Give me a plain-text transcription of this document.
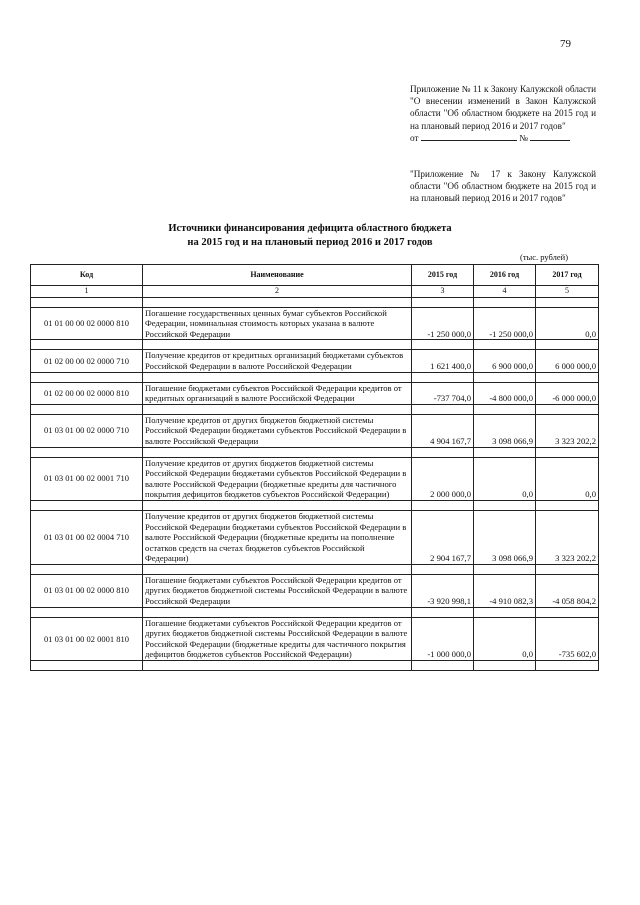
79
Приложение № 11 к Закону Калужской области "О внесении изменений в Закон Калужской области "Об областном бюджете на 2015 год и на плановый период 2016 и 2017 годов"
от	№
"Приложение № 17 к Закону Калужской области "Об областном бюджете на 2015 год и на плановый период 2016 и 2017 годов"
Источники финансирования дефицита областного бюджета
на 2015 год и на плановый период 2016 и 2017 годов
(тыс. рублей)
Код	Наименование	2015 год	2016 год	2017 год
1	2	3	4	5

01 01 00 00 02 0000 810	Погашение государственных ценных бумаг субъектов Российской Федерации, номинальная стоимость которых указана в валюте Российской Федерации	-1 250 000,0	-1 250 000,0	0,0

01 02 00 00 02 0000 710	Получение кредитов от кредитных организаций бюджетами субъектов Российской Федерации в валюте Российской Федерации	1 621 400,0	6 900 000,0	6 000 000,0

01 02 00 00 02 0000 810	Погашение бюджетами субъектов Российской Федерации кредитов от кредитных организаций в валюте Российской Федерации	-737 704,0	-4 800 000,0	-6 000 000,0

01 03 01 00 02 0000 710	Получение кредитов от других бюджетов бюджетной системы Российской Федерации бюджетами субъектов Российской Федерации в валюте Российской Федерации	4 904 167,7	3 098 066,9	3 323 202,2

01 03 01 00 02 0001 710	Получение кредитов от других бюджетов бюджетной системы Российской Федерации бюджетами субъектов Российской Федерации в валюте Российской Федерации (бюджетные кредиты для частичного покрытия дефицитов бюджетов субъектов Российской Федерации)	2 000 000,0	0,0	0,0

01 03 01 00 02 0004 710	Получение кредитов от других бюджетов бюджетной системы Российской Федерации бюджетами субъектов Российской Федерации в валюте Российской Федерации (бюджетные кредиты на пополнение остатков средств на счетах бюджетов субъектов Российской Федерации)	2 904 167,7	3 098 066,9	3 323 202,2

01 03 01 00 02 0000 810	Погашение бюджетами субъектов Российской Федерации кредитов от других бюджетов бюджетной системы Российской Федерации в валюте Российской Федерации	-3 920 998,1	-4 910 082,3	-4 058 804,2

01 03 01 00 02 0001 810	Погашение бюджетами субъектов Российской Федерации кредитов от других бюджетов бюджетной системы Российской Федерации в валюте Российской Федерации (бюджетные кредиты для частичного покрытия дефицитов бюджетов субъектов Российской Федерации)	-1 000 000,0	0,0	-735 602,0
